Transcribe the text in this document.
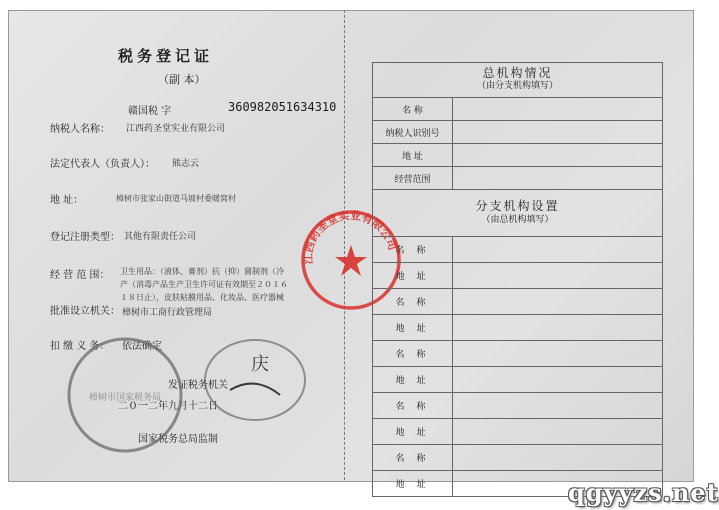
税务登记证
（副 本）
赣国税 字	360982051634310
纳税人名称： 江西药圣堂实业有限公司
法定代表人（负责人）： 熊志云
地 址：	樟树市张家山街道马坡村委暖窝村
登记注册类型： 其他有限责任公司
经 营 范 围： 卫生用品：（液体、膏剂）抗（抑）菌制剂（冷
产（消毒产品生产卫生许可证有效期至２０１６
１８日止），皮肤粘膜用品、化妆品、医疗器械
批准设立机关： 樟树市工商行政管理局
扣 缴 义 务： 依法确定
发证税务机关
二０一二年九月十二日
国家税务总局监制
樟树市国家税务局
庆
江西药圣堂实业有限公司
总机构情况
（由分支机构填写）	

名 称	
纳税人识别号	
地 址	
经营范围	

分支机构设置
（由总机构填写）	

名称	
地址	
名称	
地址	
名称	
地址	
名称	
地址	
名称	
地址		qgyyzs.net
